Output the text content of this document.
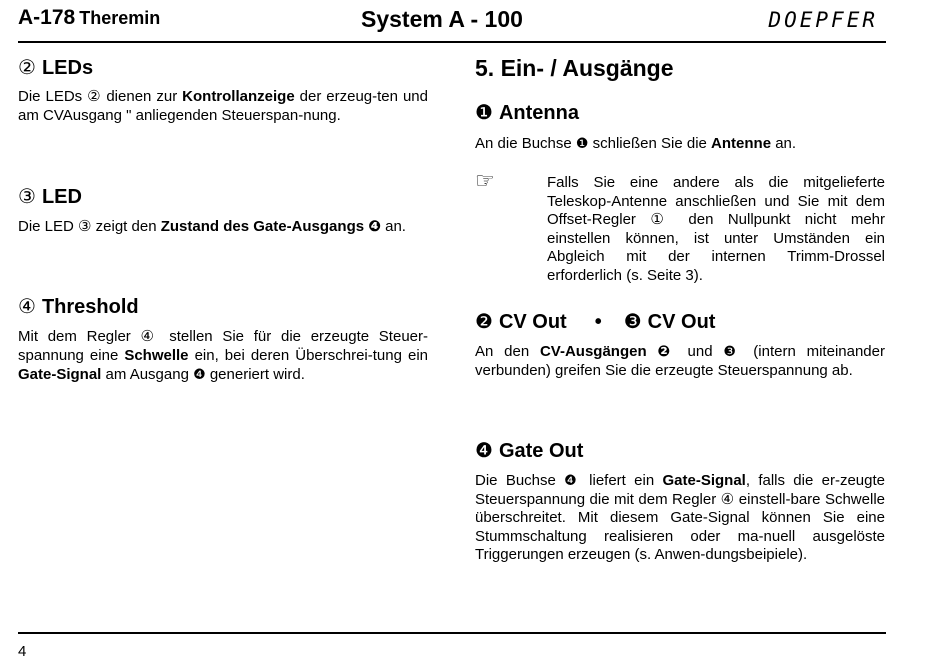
A-178 Theremin	System A - 100	DOEPFER
② LEDs

Die LEDs ② dienen zur Kontrollanzeige der erzeug-ten und am CVAusgang " anliegenden Steuerspan-nung.

③ LED

Die LED ③ zeigt den Zustand des Gate-Ausgangs ❹ an.

④ Threshold

Mit dem Regler ④ stellen Sie für die erzeugte Steuer-spannung eine Schwelle ein, bei deren Überschrei-tung ein Gate-Signal am Ausgang ❹ generiert wird.

5. Ein- / Ausgänge
❶ Antenna

An die Buchse ❶ schließen Sie die Antenne an.

☞	Falls Sie eine andere als die mitgelieferte Teleskop-Antenne anschließen und Sie mit dem Offset-Regler ① den Nullpunkt nicht mehr einstellen können, ist unter Umständen ein Abgleich mit der internen Trimm-Drossel erforderlich (s. Seite 3).

❷ CV Out • ❸ CV Out

An den CV-Ausgängen ❷ und ❸ (intern miteinander verbunden) greifen Sie die erzeugte Steuerspannung ab.

❹ Gate Out

Die Buchse ❹ liefert ein Gate-Signal, falls die er-zeugte Steuerspannung die mit dem Regler ④ einstell-bare Schwelle überschreitet. Mit diesem Gate-Signal können Sie eine Stummschaltung realisieren oder ma-nuell ausgelöste Triggerungen erzeugen (s. Anwen-dungsbeipiele).

4
